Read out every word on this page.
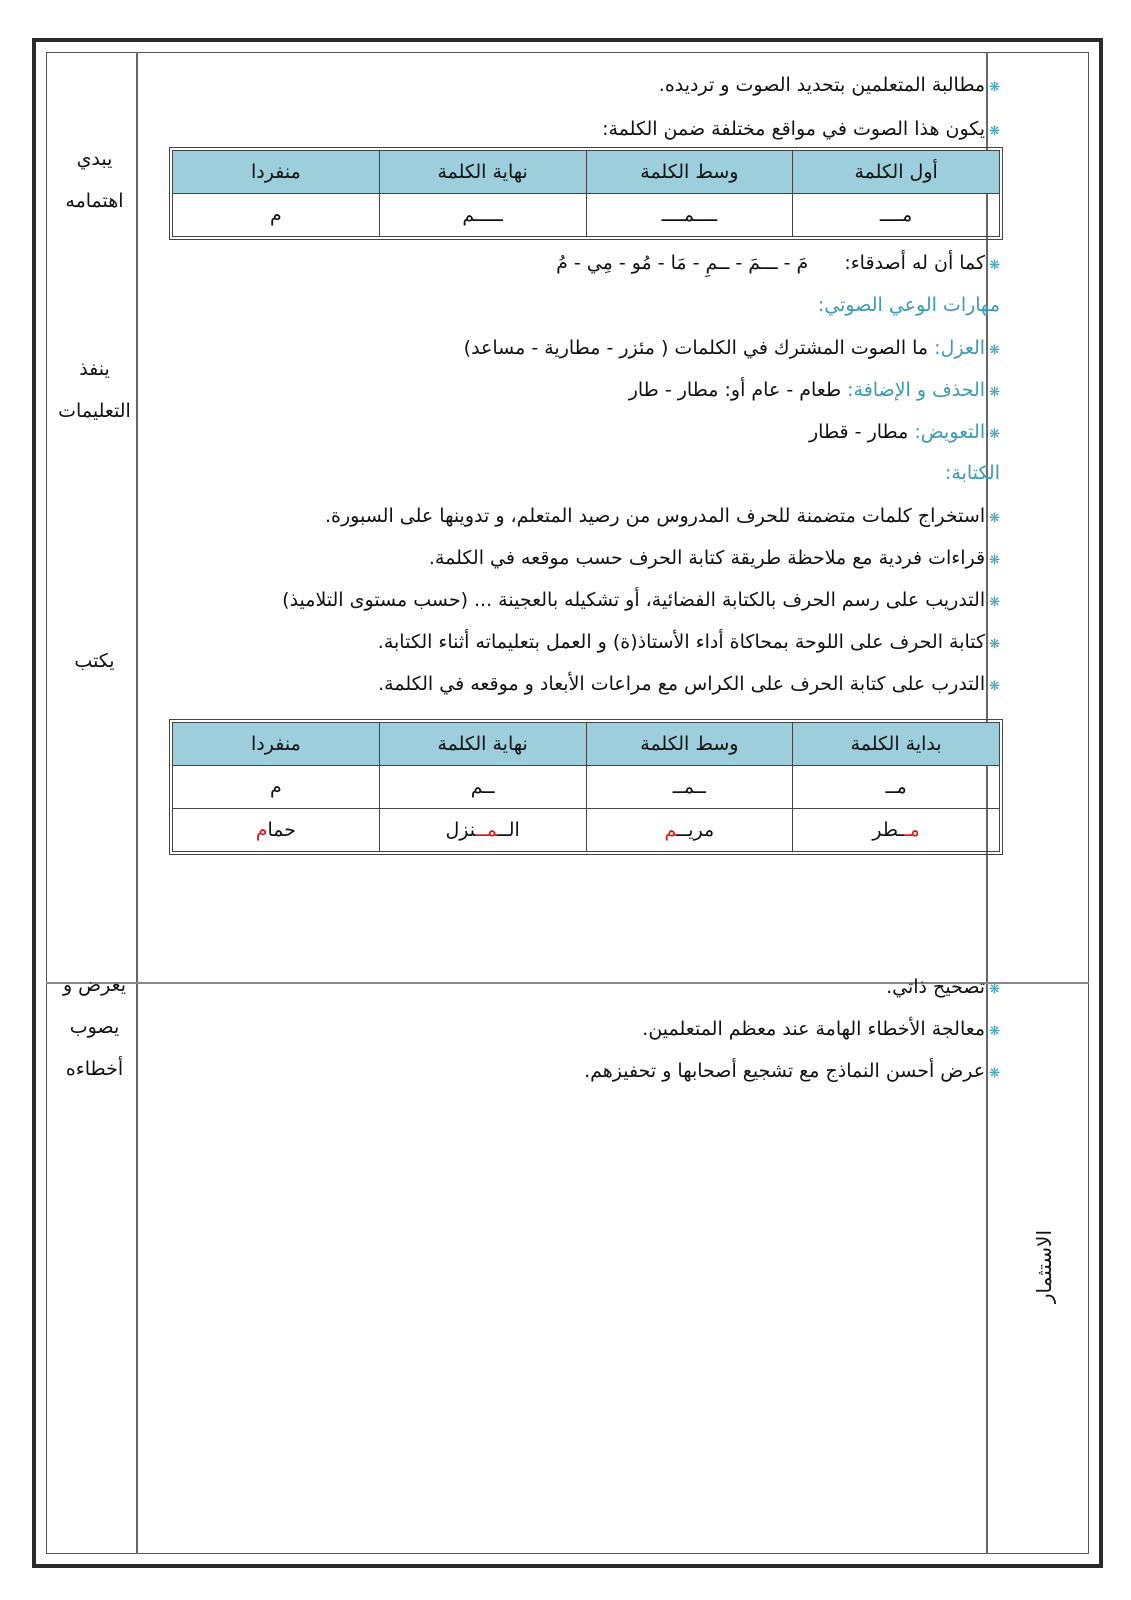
يبدي
اهتمامه
ينفذ
التعليمات
يكتب
يعرض و
يصوب
أخطاءه
الاستثمار
❋مطالبة المتعلمين بتحديد الصوت و ترديده.
❋يكون هذا الصوت في مواقع مختلفة ضمن الكلمة:
أول الكلمة	وسط الكلمة	نهاية الكلمة	منفردا
مــــ	ــــمــــ	ـــــم	م
❋كما أن له أصدقاء: مَ - ـــمَ - ــمِ - مَا - مُو - مِي - مُ
مهارات الوعي الصوتي:
❋العزل: ما الصوت المشترك في الكلمات ( مئزر - مطارية - مساعد)
❋الحذف و الإضافة: طعام - عام أو: مطار - طار
❋التعويض: مطار - قطار
الكتابة:
❋استخراج كلمات متضمنة للحرف المدروس من رصيد المتعلم، و تدوينها على السبورة.
❋قراءات فردية مع ملاحظة طريقة كتابة الحرف حسب موقعه في الكلمة.
❋التدريب على رسم الحرف بالكتابة الفضائية، أو تشكيله بالعجينة ... (حسب مستوى التلاميذ)
❋كتابة الحرف على اللوحة بمحاكاة أداء الأستاذ(ة) و العمل بتعليماته أثناء الكتابة.
❋التدرب على كتابة الحرف على الكراس مع مراعات الأبعاد و موقعه في الكلمة.
بداية الكلمة	وسط الكلمة	نهاية الكلمة	منفردا
مــ	ــمــ	ــم	م
مــطر	مريــم	الــمــنزل	حمام
❋تصحيح ذاتي.
❋معالجة الأخطاء الهامة عند معظم المتعلمين.
❋عرض أحسن النماذج مع تشجيع أصحابها و تحفيزهم.
